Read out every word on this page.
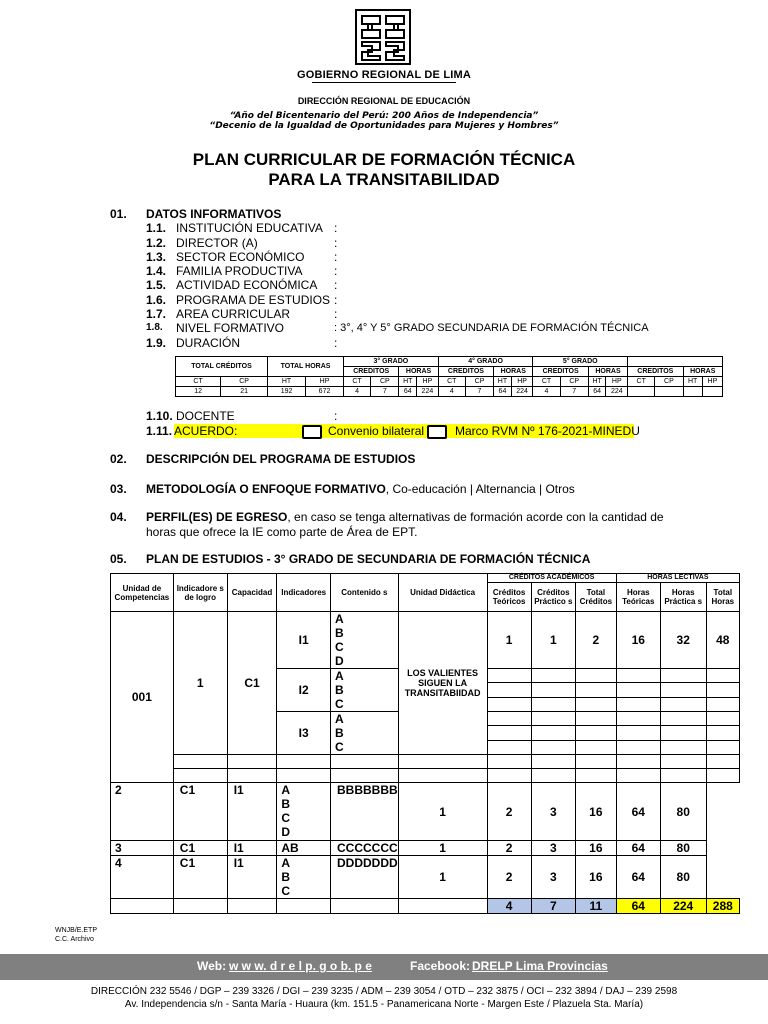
GOBIERNO REGIONAL DE LIMA
DIRECCIÓN REGIONAL DE EDUCACIÓN
“Año del Bicentenario del Perú: 200 Años de Independencia”
“Decenio de la Igualdad de Oportunidades para Mujeres y Hombres”
PLAN CURRICULAR DE FORMACIÓN TÉCNICA
PARA LA TRANSITABILIDAD
01. DATOS INFORMATIVOS
1.1. INSTITUCIÓN EDUCATIVA :
1.2. DIRECTOR (A)	:
1.3. SECTOR ECONÓMICO :
1.4. FAMILIA PRODUCTIVA	:
1.5. ACTIVIDAD ECONÓMICA :
1.6. PROGRAMA DE ESTUDIOS :
1.7. AREA CURRICULAR	:
1.8. NIVEL FORMATIVO	: 3°, 4° Y 5° GRADO SECUNDARIA DE FORMACIÓN TÉCNICA
1.9. DURACIÓN	:
TOTAL CRÉDITOS		TOTAL HORAS		3° GRADO				4° GRADO				5° GRADO							
				CREDITOS		HORAS		CREDITOS		HORAS		CREDITOS		HORAS		CREDITOS		HORAS	
CT	CP	HT	HP	CT	CP	HT	HP	CT	CP	HT	HP	CT	CP	HT	HP	CT	CP	HT	HP
12	21	192	672	4	7	64	224	4	7	64	224	4	7	64	224				
1.10. DOCENTE	:
1.11. ACUERDO:	Convenio bilateral	Marco RVM Nº 176-2021-MINEDU
02. DESCRIPCIÓN DEL PROGRAMA DE ESTUDIOS
03. METODOLOGÍA O ENFOQUE FORMATIVO, Co-educación | Alternancia | Otros
04. PERFIL(ES) DE EGRESO, en caso se tenga alternativas de formación acorde con la cantidad de
horas que ofrece la IE como parte de Área de EPT.
05. PLAN DE ESTUDIOS - 3° GRADO DE SECUNDARIA DE FORMACIÓN TÉCNICA
Unidad de Competencias	Indicadore s de logro	Capacidad	Indicadores	Contenido s	Unidad Didáctica	CRÉDITOS ACADÉMICOS			HORAS LECTIVAS		
						Créditos Teóricos	Créditos Práctico s	Total Créditos	Horas Teóricas	Horas Práctica s	Total Horas
001	1	C1	I1	A
B
C
D	LOS VALIENTES SIGUEN LA TRANSITABIIDAD	1	1	2	16	32	48

			I2	A
B
C							

			I3	A
B
C							

2	C1	I1	A
B
C
D	BBBBBBB	1	2	3	16	64	80	
3	C1	I1	AB	CCCCCCC	1	2	3	16	64	80	
4	C1	I1	A
B
C	DDDDDDD	1	2	3	16	64	80	
						4	7	11	64	224	288
WNJB/E.ETP
C.C. Archivo
Web: w w w. d r e l p. g o b. p e	Facebook: DRELP Lima Provincias
DIRECCIÓN 232 5546 / DGP – 239 3326 / DGI – 239 3235 / ADM – 239 3054 / OTD – 232 3875 / OCI – 232 3894 / DAJ – 239 2598
Av. Independencia s/n - Santa María - Huaura (km. 151.5 - Panamericana Norte - Margen Este / Plazuela Sta. María)
